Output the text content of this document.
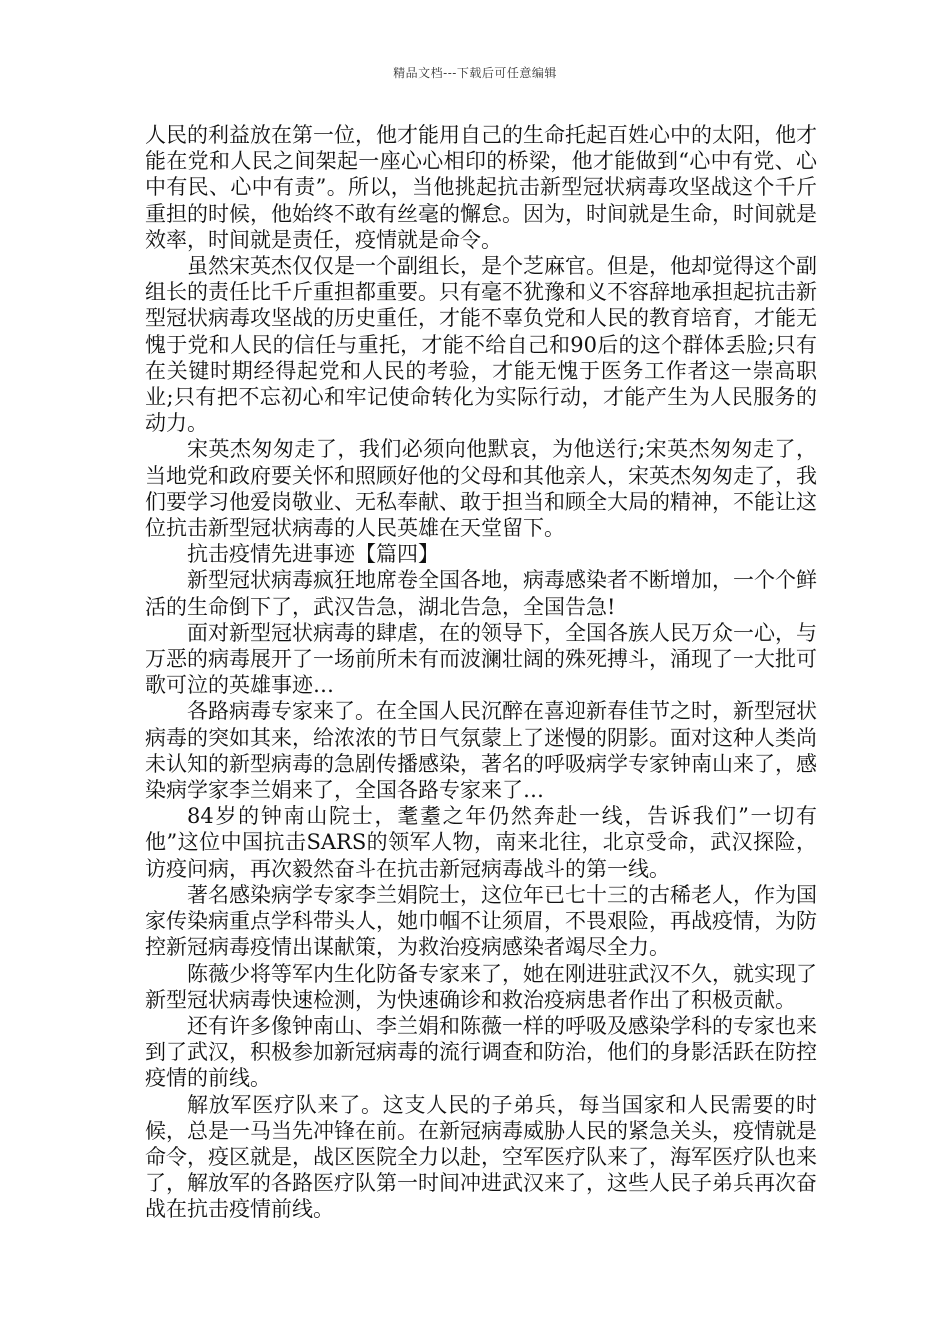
精品文档---下载后可任意编辑

人民的利益放在第一位，他才能用自己的生命托起百姓心中的太阳，他才能在党和人民之间架起一座心心相印的桥梁，他才能做到“心中有党、心中有民、心中有责”。所以，当他挑起抗击新型冠状病毒攻坚战这个千斤重担的时候，他始终不敢有丝毫的懈怠。因为，时间就是生命，时间就是效率，时间就是责任，疫情就是命令。

虽然宋英杰仅仅是一个副组长，是个芝麻官。但是，他却觉得这个副组长的责任比千斤重担都重要。只有毫不犹豫和义不容辞地承担起抗击新型冠状病毒攻坚战的历史重任，才能不辜负党和人民的教育培育，才能无愧于党和人民的信任与重托，才能不给自己和90后的这个群体丢脸;只有在关键时期经得起党和人民的考验，才能无愧于医务工作者这一崇高职业;只有把不忘初心和牢记使命转化为实际行动，才能产生为人民服务的动力。

宋英杰匆匆走了，我们必须向他默哀，为他送行;宋英杰匆匆走了，当地党和政府要关怀和照顾好他的父母和其他亲人，宋英杰匆匆走了，我们要学习他爱岗敬业、无私奉献、敢于担当和顾全大局的精神，不能让这位抗击新型冠状病毒的人民英雄在天堂留下。

抗击疫情先进事迹【篇四】

新型冠状病毒疯狂地席卷全国各地，病毒感染者不断增加，一个个鲜活的生命倒下了，武汉告急，湖北告急，全国告急!

面对新型冠状病毒的肆虐，在的领导下，全国各族人民万众一心，与万恶的病毒展开了一场前所未有而波澜壮阔的殊死搏斗，涌现了一大批可歌可泣的英雄事迹…

各路病毒专家来了。在全国人民沉醉在喜迎新春佳节之时，新型冠状病毒的突如其来，给浓浓的节日气氛蒙上了迷慢的阴影。面对这种人类尚未认知的新型病毒的急剧传播感染，著名的呼吸病学专家钟南山来了，感染病学家李兰娟来了，全国各路专家来了…

84岁的钟南山院士，耄耋之年仍然奔赴一线，告诉我们”一切有他”这位中国抗击SARS的领军人物，南来北往，北京受命，武汉探险，访疫问病，再次毅然奋斗在抗击新冠病毒战斗的第一线。

著名感染病学专家李兰娟院士，这位年已七十三的古稀老人，作为国家传染病重点学科带头人，她巾帼不让须眉，不畏艰险，再战疫情，为防控新冠病毒疫情出谋献策，为救治疫病感染者竭尽全力。

陈薇少将等军内生化防备专家来了，她在刚进驻武汉不久，就实现了新型冠状病毒快速检测，为快速确诊和救治疫病患者作出了积极贡献。

还有许多像钟南山、李兰娟和陈薇一样的呼吸及感染学科的专家也来到了武汉，积极参加新冠病毒的流行调查和防治，他们的身影活跃在防控疫情的前线。

解放军医疗队来了。这支人民的子弟兵，每当国家和人民需要的时候，总是一马当先冲锋在前。在新冠病毒威胁人民的紧急关头，疫情就是命令，疫区就是，战区医院全力以赴，空军医疗队来了，海军医疗队也来了，解放军的各路医疗队第一时间冲进武汉来了，这些人民子弟兵再次奋战在抗击疫情前线。
